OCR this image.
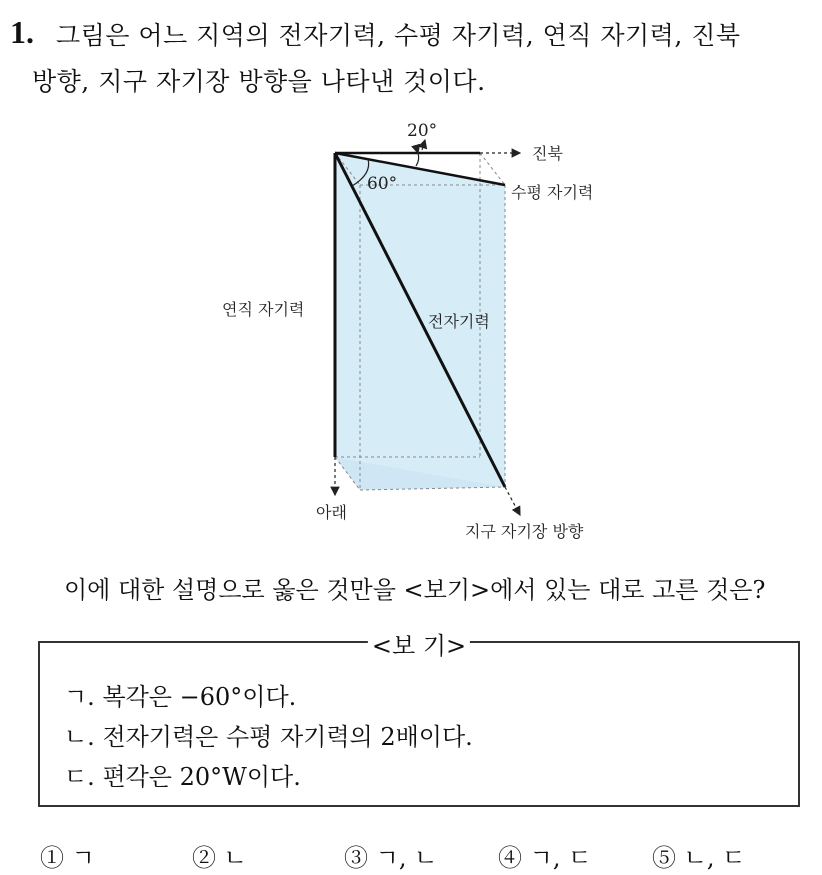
1. 그림은 어느 지역의 전자기력, 수평 자기력, 연직 자기력, 진북
방향, 지구 자기장 방향을 나타낸 것이다.
20°
60°
진북
수평 자기력
연직 자기력
전자기력
아래
지구 자기장 방향
이에 대한 설명으로 옳은 것만을 <보기>에서 있는 대로 고른 것은?
<보 기>
ㄱ. 복각은 −60°이다.
ㄴ. 전자기력은 수평 자기력의 2배이다.
ㄷ. 편각은 20°W이다.
① ㄱ	② ㄴ	③ ㄱ, ㄴ	④ ㄱ, ㄷ	⑤ ㄴ, ㄷ
